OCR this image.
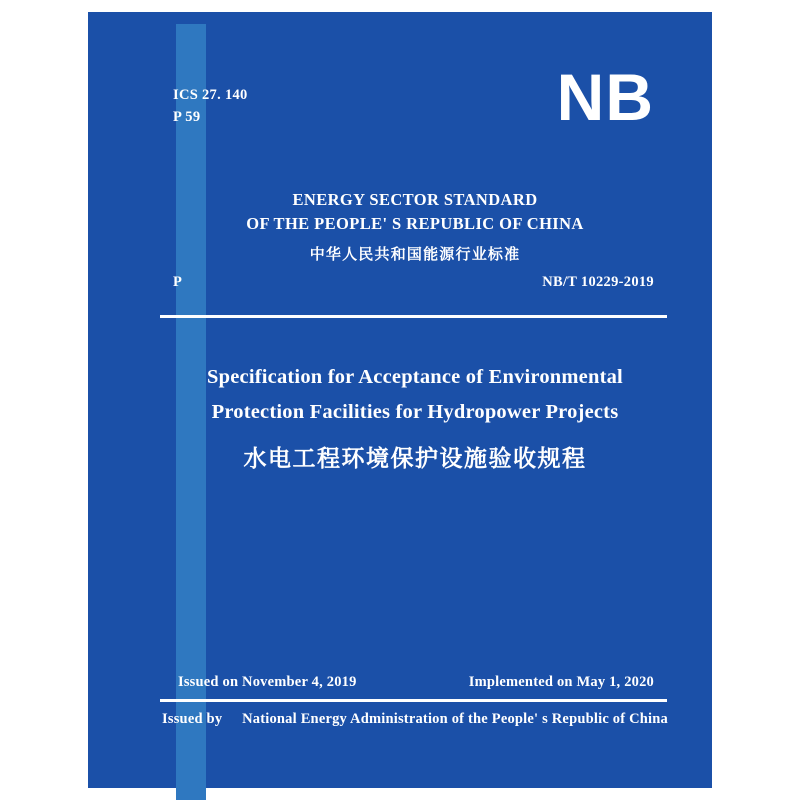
ICS 27. 140
P 59	NB
ENERGY SECTOR STANDARD
OF THE PEOPLE' S REPUBLIC OF CHINA
中华人民共和国能源行业标准
P	NB/T 10229-2019
Specification for Acceptance of Environmental
Protection Facilities for Hydropower Projects
水电工程环境保护设施验收规程
Issued on November 4, 2019	Implemented on May 1, 2020
Issued by National Energy Administration of the People' s Republic of China
